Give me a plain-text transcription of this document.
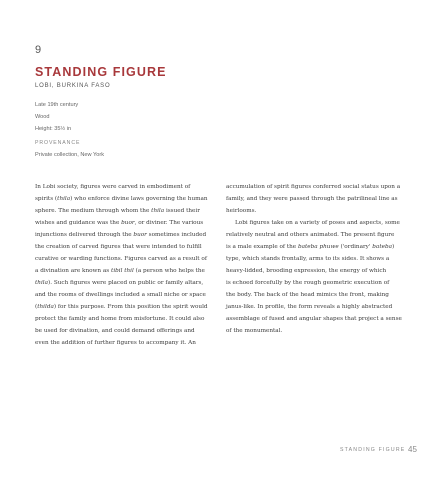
9
STANDING FIGURE
LOBI, BURKINA FASO
Late 19th century
Wood
Height: 35½ in
PROVENANCE
Private collection, New York

In Lobi society, figures were carved in embodiment of
spirits (thila) who enforce divine laws governing the human
sphere. The medium through whom the thila issued their
wishes and guidance was the buor, or diviner. The various
injunctions delivered through the buor sometimes included
the creation of carved figures that were intended to fulfill
curative or warding functions. Figures carved as a result of
a divination are known as tibil thil (a person who helps the
thila). Such figures were placed on public or family altars,
and the rooms of dwellings included a small niche or space
(thilda) for this purpose. From this position the spirit would
protect the family and home from misfortune. It could also
be used for divination, and could demand offerings and
even the addition of further figures to accompany it. An

accumulation of spirit figures conferred social status upon a
family, and they were passed through the patrilineal line as
heirlooms.

Lobi figures take on a variety of poses and aspects, some
relatively neutral and others animated. The present figure
is a male example of the bateba phuwe ('ordinary' bateba)
type, which stands frontally, arms to its sides. It shows a
heavy-lidded, brooding expression, the energy of which
is echoed forcefully by the rough geometric execution of
the body. The back of the head mimics the front, making
janus-like. In profile, the form reveals a highly abstracted
assemblage of fused and angular shapes that project a sense
of the monumental.

STANDING FIGURE 45
